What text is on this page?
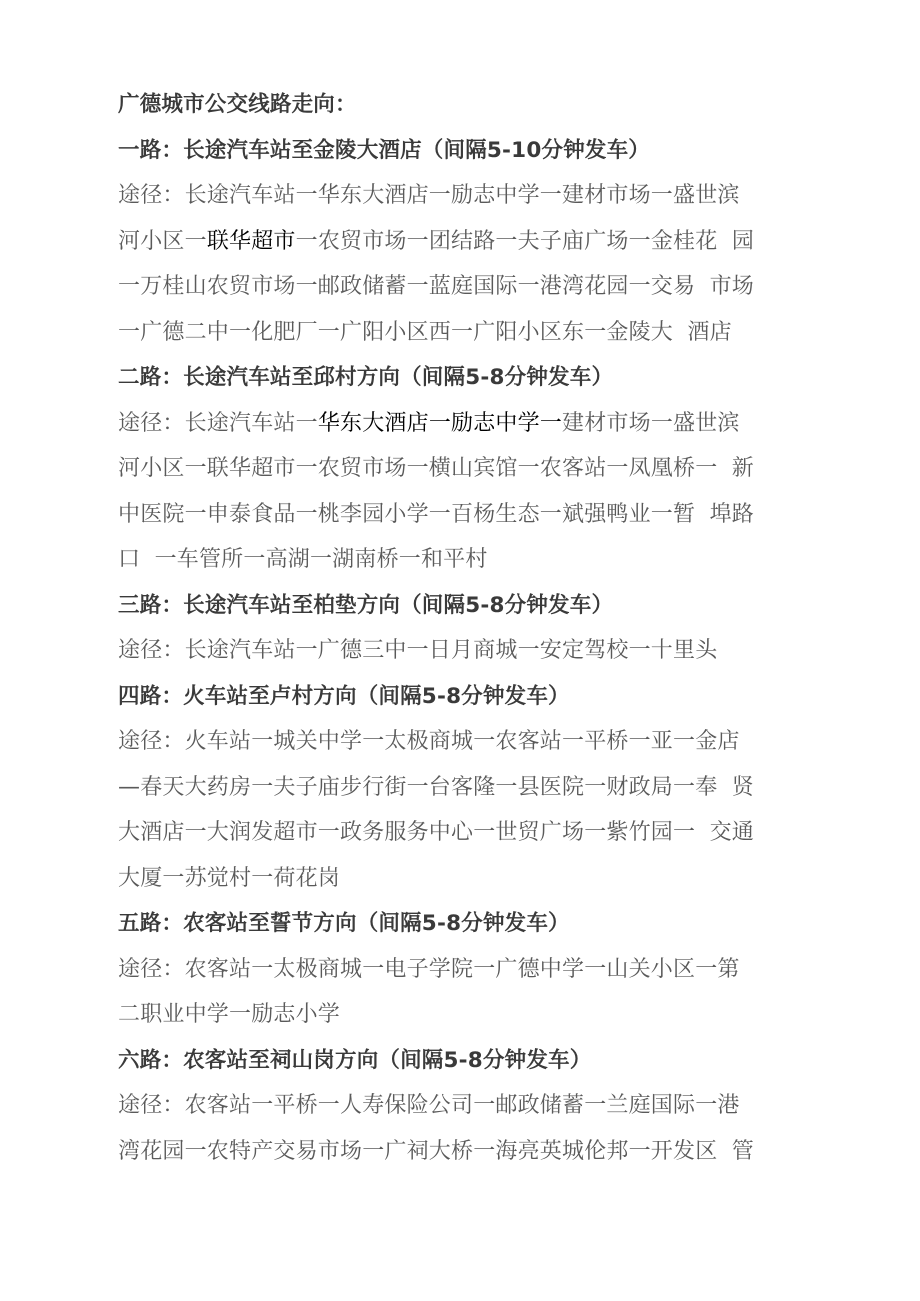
广德城市公交线路走向：
一路：长途汽车站至金陵大酒店（间隔5-10分钟发车）
途径：长途汽车站一华东大酒店一励志中学一建材市场一盛世滨
河小区一联华超市一农贸市场一团结路一夫子庙广场一金桂花  园
一万桂山农贸市场一邮政储蓄一蓝庭国际一港湾花园一交易  市场
一广德二中一化肥厂一广阳小区西一广阳小区东一金陵大  酒店
二路：长途汽车站至邱村方向（间隔5-8分钟发车）
途径：长途汽车站一华东大酒店一励志中学一建材市场一盛世滨
河小区一联华超市一农贸市场一横山宾馆一农客站一凤凰桥一  新
中医院一申泰食品一桃李园小学一百杨生态一斌强鸭业一暂  埠路
口  一车管所一高湖一湖南桥一和平村
三路：长途汽车站至柏垫方向（间隔5-8分钟发车）
途径：长途汽车站一广德三中一日月商城一安定驾校一十里头
四路：火车站至卢村方向（间隔5-8分钟发车）
途径：火车站一城关中学一太极商城一农客站一平桥一亚一金店
—春天大药房一夫子庙步行街一台客隆一县医院一财政局一奉  贤
大酒店一大润发超市一政务服务中心一世贸广场一紫竹园一  交通
大厦一苏觉村一荷花岗
五路：农客站至誓节方向（间隔5-8分钟发车）
途径：农客站一太极商城一电子学院一广德中学一山关小区一第
二职业中学一励志小学
六路：农客站至祠山岗方向（间隔5-8分钟发车）
途径：农客站一平桥一人寿保险公司一邮政储蓄一兰庭国际一港
湾花园一农特产交易市场一广祠大桥一海亮英城伦邦一开发区  管
